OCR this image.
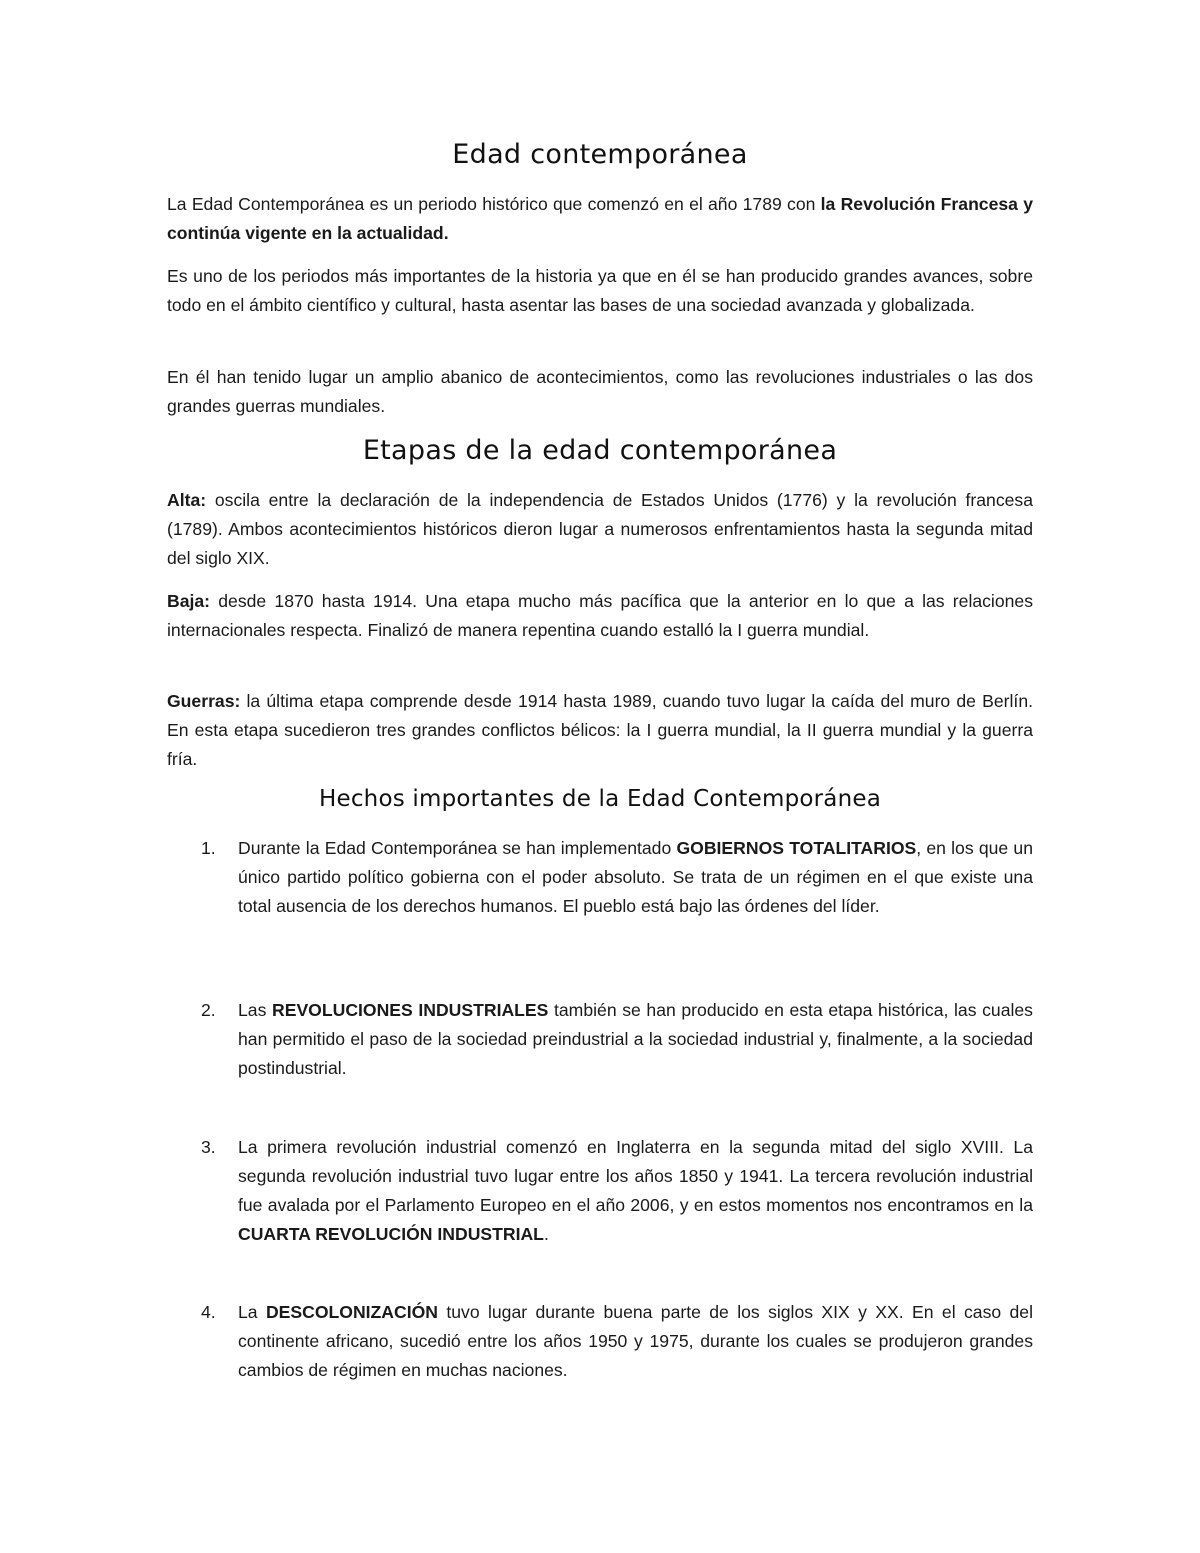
Edad contemporánea

La Edad Contemporánea es un periodo histórico que comenzó en el año 1789 con la Revolución Francesa y continúa vigente en la actualidad.

Es uno de los periodos más importantes de la historia ya que en él se han producido grandes avances, sobre todo en el ámbito científico y cultural, hasta asentar las bases de una sociedad avanzada y globalizada.

En él han tenido lugar un amplio abanico de acontecimientos, como las revoluciones industriales o las dos grandes guerras mundiales.

Etapas de la edad contemporánea

Alta: oscila entre la declaración de la independencia de Estados Unidos (1776) y la revolución francesa (1789). Ambos acontecimientos históricos dieron lugar a numerosos enfrentamientos hasta la segunda mitad del siglo XIX.

Baja: desde 1870 hasta 1914. Una etapa mucho más pacífica que la anterior en lo que a las relaciones internacionales respecta. Finalizó de manera repentina cuando estalló la I guerra mundial.

Guerras: la última etapa comprende desde 1914 hasta 1989, cuando tuvo lugar la caída del muro de Berlín. En esta etapa sucedieron tres grandes conflictos bélicos: la I guerra mundial, la II guerra mundial y la guerra fría.

Hechos importantes de la Edad Contemporánea
1. Durante la Edad Contemporánea se han implementado GOBIERNOS TOTALITARIOS, en los que un único partido político gobierna con el poder absoluto. Se trata de un régimen en el que existe una total ausencia de los derechos humanos. El pueblo está bajo las órdenes del líder.

2. Las REVOLUCIONES INDUSTRIALES también se han producido en esta etapa histórica, las cuales han permitido el paso de la sociedad preindustrial a la sociedad industrial y, finalmente, a la sociedad postindustrial.

3. La primera revolución industrial comenzó en Inglaterra en la segunda mitad del siglo XVIII. La segunda revolución industrial tuvo lugar entre los años 1850 y 1941. La tercera revolución industrial fue avalada por el Parlamento Europeo en el año 2006, y en estos momentos nos encontramos en la CUARTA REVOLUCIÓN INDUSTRIAL.

4. La DESCOLONIZACIÓN tuvo lugar durante buena parte de los siglos XIX y XX. En el caso del continente africano, sucedió entre los años 1950 y 1975, durante los cuales se produjeron grandes cambios de régimen en muchas naciones.
